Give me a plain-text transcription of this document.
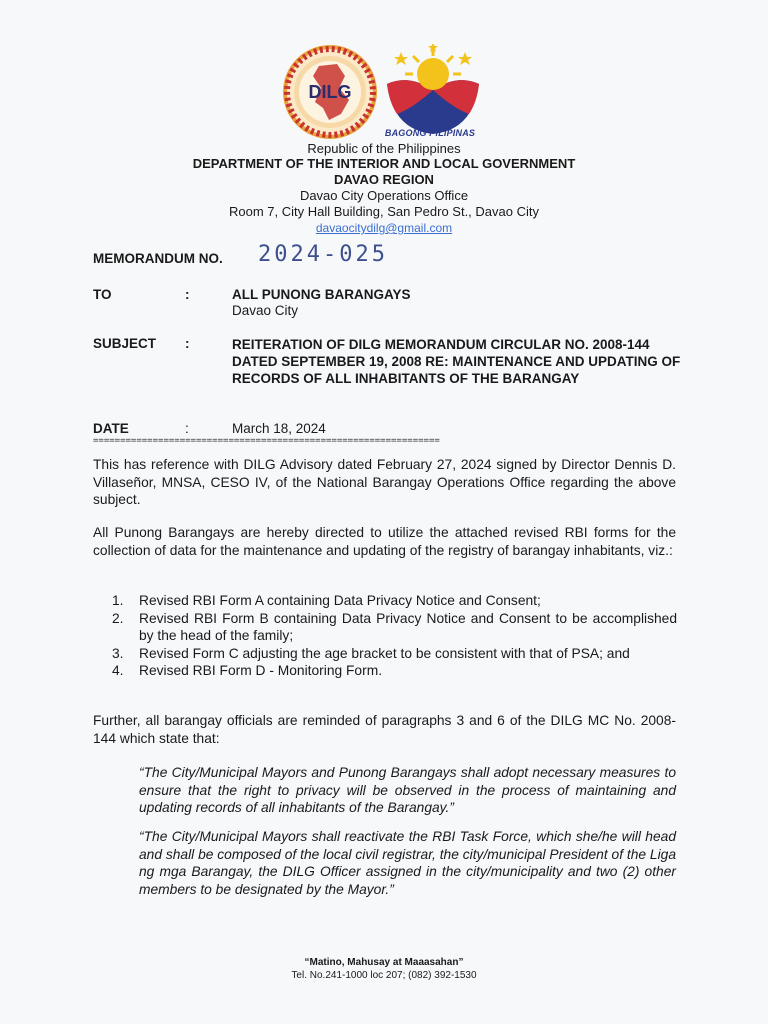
DILG
BAGONG PILIPINAS
Republic of the Philippines
DEPARTMENT OF THE INTERIOR AND LOCAL GOVERNMENT
DAVAO REGION
Davao City Operations Office
Room 7, City Hall Building, San Pedro St., Davao City
davaocitydilg@gmail.com
MEMORANDUM NO. 2024-025
TO	:	ALL PUNONG BARANGAYS
Davao City
SUBJECT :	REITERATION OF DILG MEMORANDUM CIRCULAR NO. 2008-144 DATED SEPTEMBER 19, 2008 RE: MAINTENANCE AND UPDATING OF RECORDS OF ALL INHABITANTS OF THE BARANGAY
DATE	:	March 18, 2024
================================================================
This has reference with DILG Advisory dated February 27, 2024 signed by Director Dennis D. Villaseñor, MNSA, CESO IV, of the National Barangay Operations Office regarding the above subject.
All Punong Barangays are hereby directed to utilize the attached revised RBI forms for the collection of data for the maintenance and updating of the registry of barangay inhabitants, viz.:
1. Revised RBI Form A containing Data Privacy Notice and Consent;
2. Revised RBI Form B containing Data Privacy Notice and Consent to be accomplished by the head of the family;
3. Revised Form C adjusting the age bracket to be consistent with that of PSA; and
4. Revised RBI Form D - Monitoring Form.
Further, all barangay officials are reminded of paragraphs 3 and 6 of the DILG MC No. 2008-144 which state that:
“The City/Municipal Mayors and Punong Barangays shall adopt necessary measures to ensure that the right to privacy will be observed in the process of maintaining and updating records of all inhabitants of the Barangay.”
“The City/Municipal Mayors shall reactivate the RBI Task Force, which she/he will head and shall be composed of the local civil registrar, the city/municipal President of the Liga ng mga Barangay, the DILG Officer assigned in the city/municipality and two (2) other members to be designated by the Mayor.”
“Matino, Mahusay at Maaasahan”
Tel. No.241-1000 loc 207; (082) 392-1530
